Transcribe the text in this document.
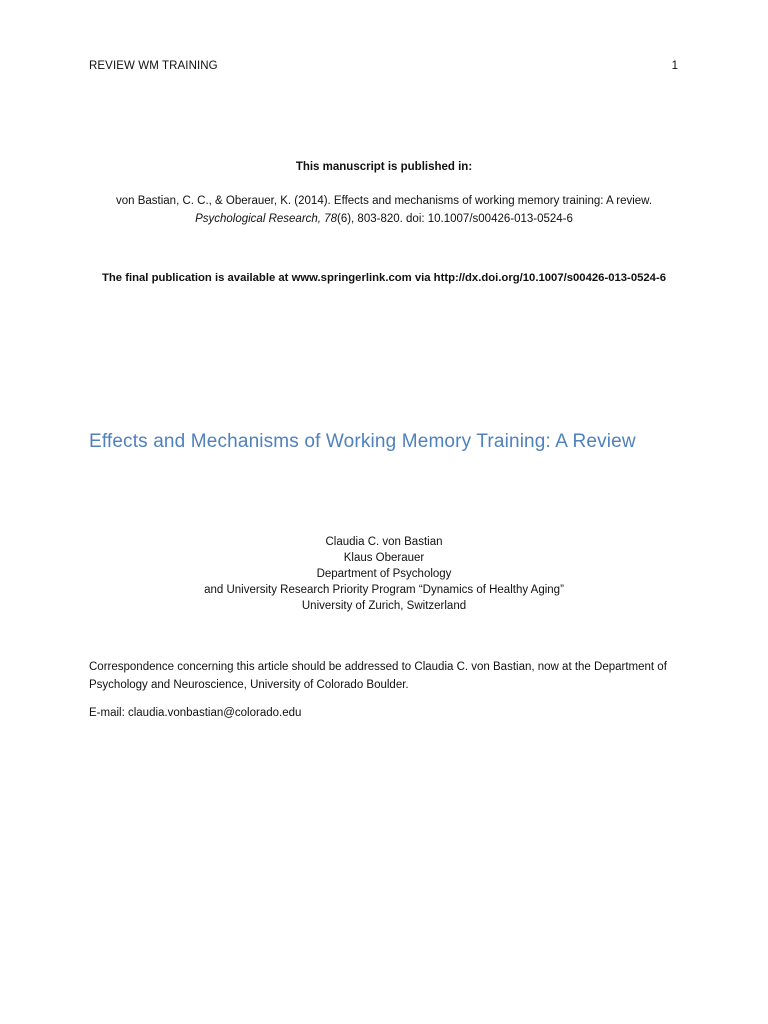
REVIEW WM TRAINING	1
This manuscript is published in:
von Bastian, C. C., & Oberauer, K. (2014). Effects and mechanisms of working memory training: A review.
Psychological Research, 78(6), 803-820. doi: 10.1007/s00426-013-0524-6
The final publication is available at www.springerlink.com via http://dx.doi.org/10.1007/s00426-013-0524-6
Effects and Mechanisms of Working Memory Training: A Review
Claudia C. von Bastian
Klaus Oberauer
Department of Psychology
and University Research Priority Program “Dynamics of Healthy Aging”
University of Zurich, Switzerland
Correspondence concerning this article should be addressed to Claudia C. von Bastian, now at the Department of Psychology and Neuroscience, University of Colorado Boulder.
E-mail: claudia.vonbastian@colorado.edu
